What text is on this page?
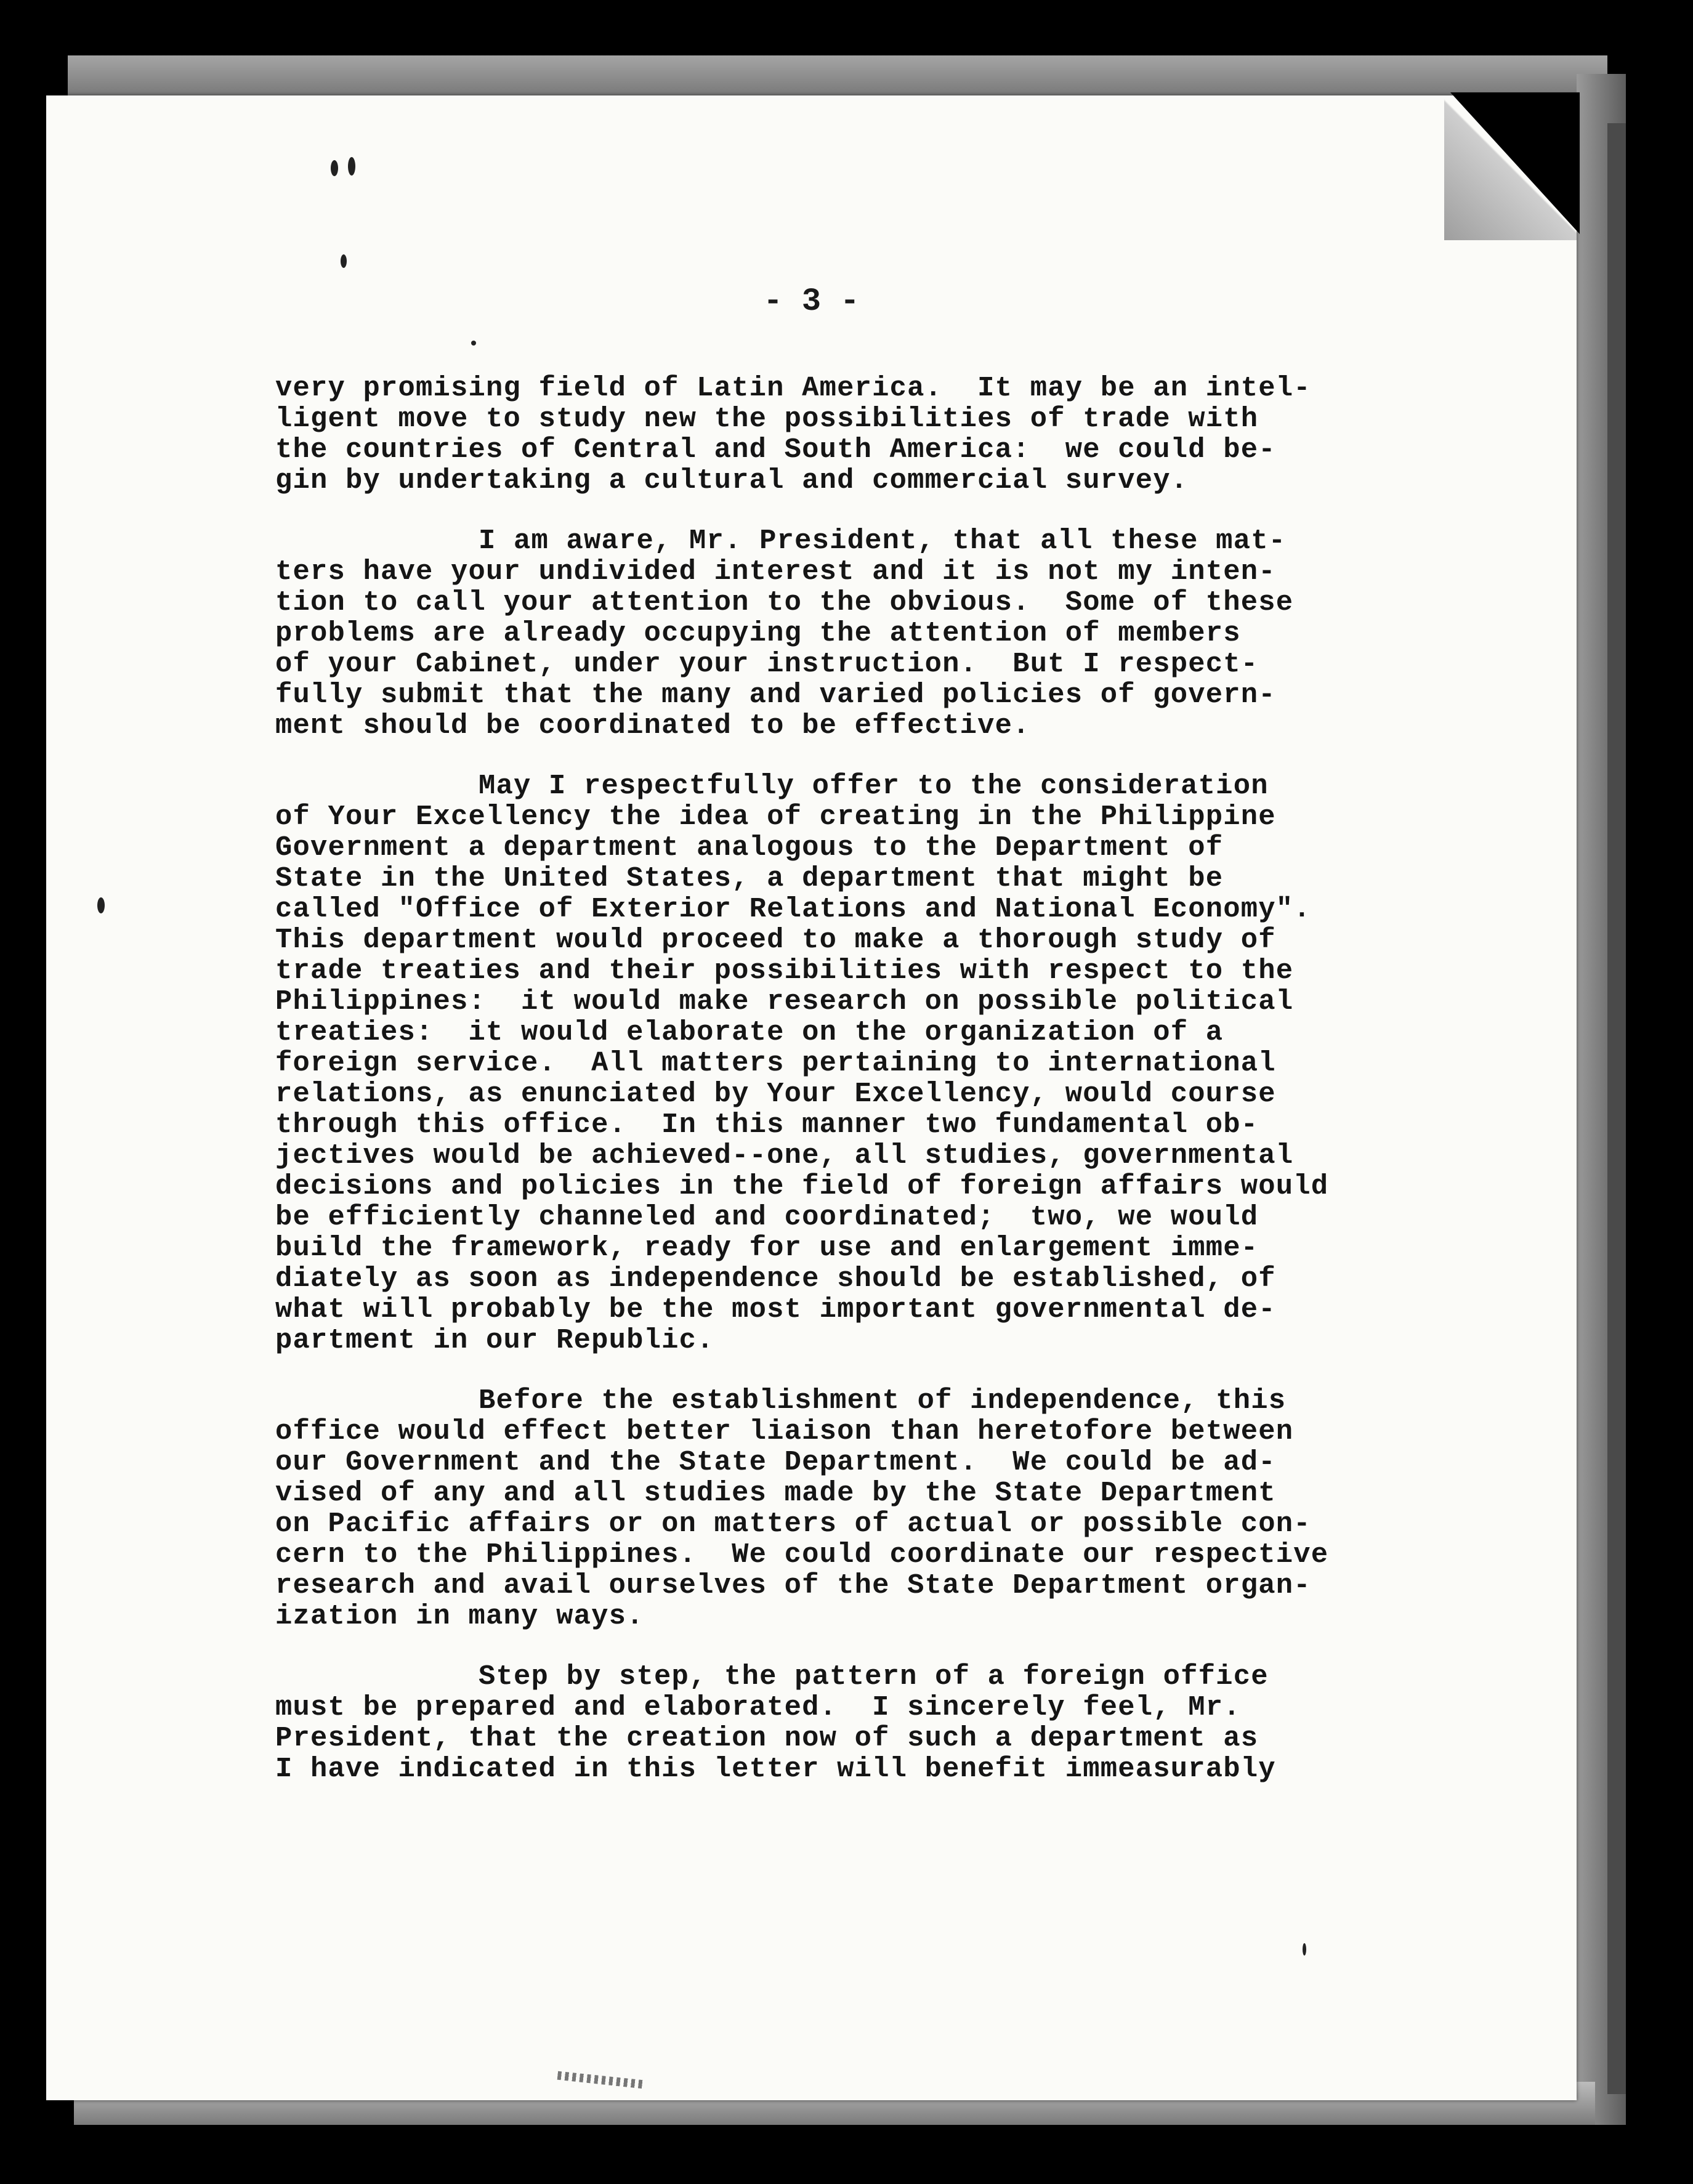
- 3 -
very promising field of Latin America.  It may be an intel-
ligent move to study new the possibilities of trade with
the countries of Central and South America:  we could be-
gin by undertaking a cultural and commercial survey.
I am aware, Mr. President, that all these mat-
ters have your undivided interest and it is not my inten-
tion to call your attention to the obvious.  Some of these
problems are already occupying the attention of members
of your Cabinet, under your instruction.  But I respect-
fully submit that the many and varied policies of govern-
ment should be coordinated to be effective.
May I respectfully offer to the consideration
of Your Excellency the idea of creating in the Philippine
Government a department analogous to the Department of
State in the United States, a department that might be
called "Office of Exterior Relations and National Economy".
This department would proceed to make a thorough study of
trade treaties and their possibilities with respect to the
Philippines:  it would make research on possible political
treaties:  it would elaborate on the organization of a
foreign service.  All matters pertaining to international
relations, as enunciated by Your Excellency, would course
through this office.  In this manner two fundamental ob-
jectives would be achieved--one, all studies, governmental
decisions and policies in the field of foreign affairs would
be efficiently channeled and coordinated;  two, we would
build the framework, ready for use and enlargement imme-
diately as soon as independence should be established, of
what will probably be the most important governmental de-
partment in our Republic.
Before the establishment of independence, this
office would effect better liaison than heretofore between
our Government and the State Department.  We could be ad-
vised of any and all studies made by the State Department
on Pacific affairs or on matters of actual or possible con-
cern to the Philippines.  We could coordinate our respective
research and avail ourselves of the State Department organ-
ization in many ways.
Step by step, the pattern of a foreign office
must be prepared and elaborated.  I sincerely feel, Mr.
President, that the creation now of such a department as
I have indicated in this letter will benefit immeasurably
